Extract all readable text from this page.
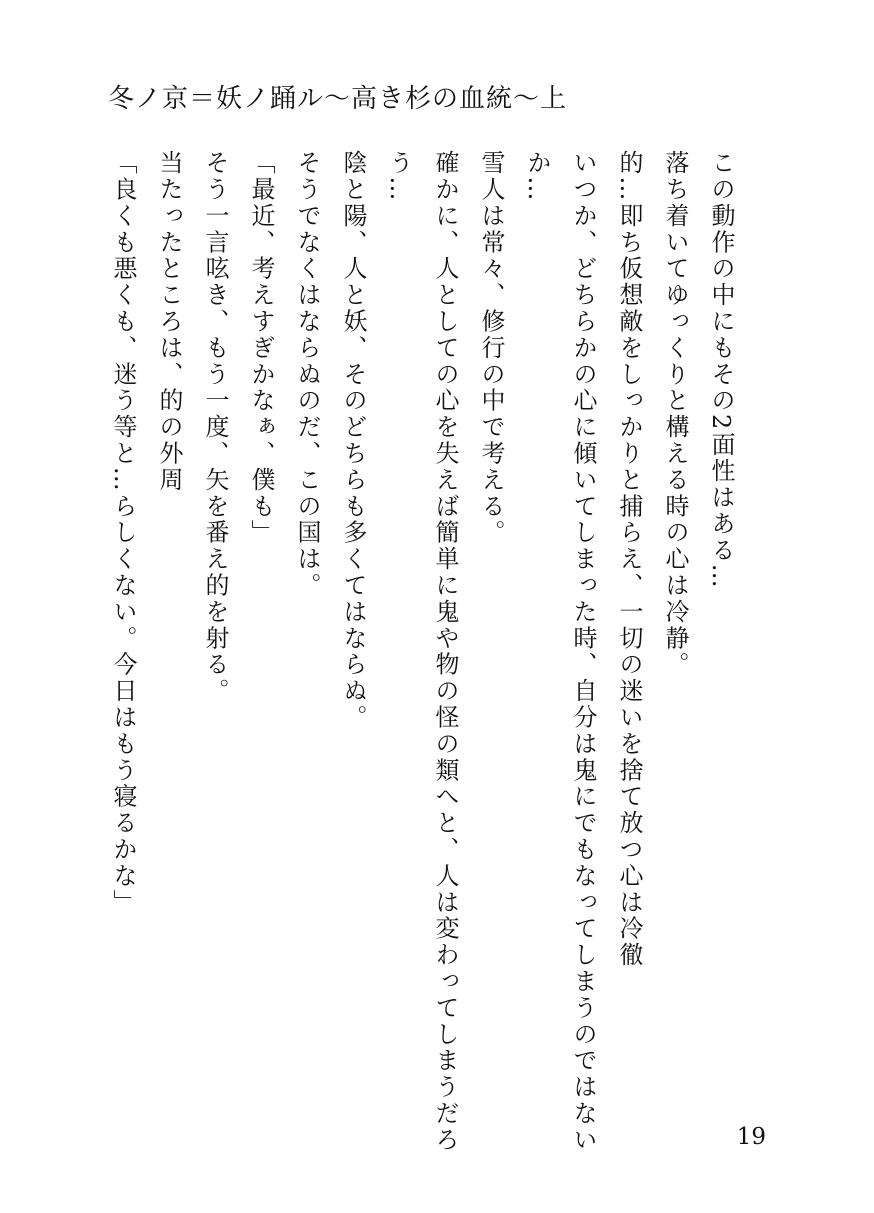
冬ノ京＝妖ノ踊ル～高き杉の血統～上
この動作の中にもその2面性はある…
落ち着いてゆっくりと構える時の心は冷静。
的…即ち仮想敵をしっかりと捕らえ、一切の迷いを捨て放つ心は冷徹
いつか、どちらかの心に傾いてしまった時、自分は鬼にでもなってしまうのではない
か…
雪人は常々、修行の中で考える。
確かに、人としての心を失えば簡単に鬼や物の怪の類へと、人は変わってしまうだろ
う…
陰と陽、人と妖、そのどちらも多くてはならぬ。
そうでなくはならぬのだ、この国は。
「最近、考えすぎかなぁ、僕も」
そう一言呟き、もう一度、矢を番え的を射る。
当たったところは、的の外周
「良くも悪くも、迷う等と…らしくない。今日はもう寝るかな」
19
